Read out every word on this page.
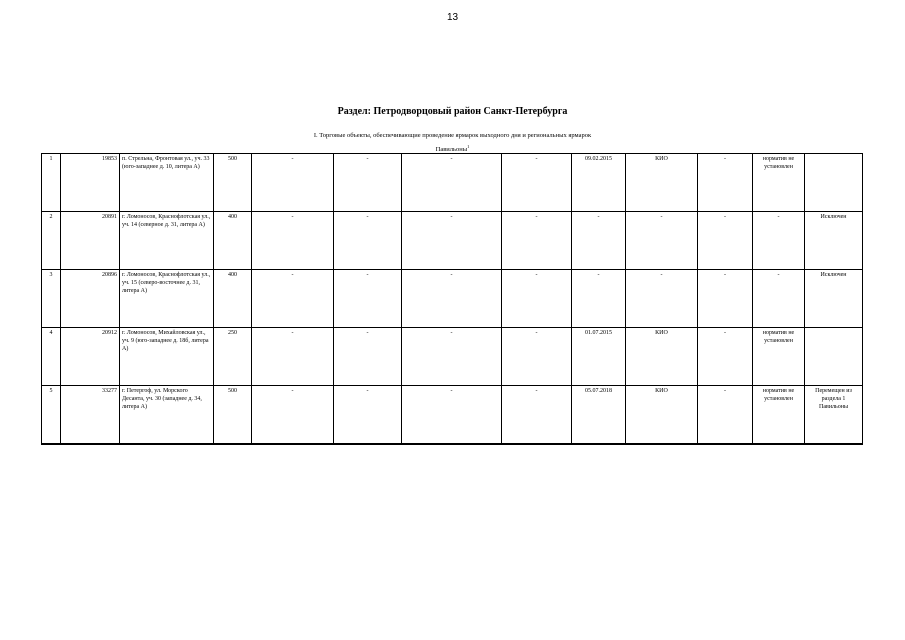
13
Раздел: Петродворцовый район Санкт-Петербурга
I. Торговые объекты, обеспечивающие проведение ярмарок выходного дня и региональных ярмарок
Павильоны$^1$
1	19853	п. Стрельна, Фронтовая ул., уч. 33 (юго-западнее д. 10, литера А)	500	-	-	-	-	09.02.2015	КИО	-	норматив не установлен	
2	20891	г. Ломоносов, Краснофлотская ул., уч. 14 (северное д. 31, литера А)	400	-	-	-	-	-	-	-	-	Исключен
3	20896	г. Ломоносов, Краснофлотская ул., уч. 15 (северо-восточнее д. 31, литера А)	400	-	-	-	-	-	-	-	-	Исключен
4	20912	г. Ломоносов, Михайловская ул., уч. 9 (юго-западнее д. 18б, литера А)	250	-	-	-	-	01.07.2015	КИО	-	норматив не установлен	
5	33277	г. Петергоф, ул. Морского Десанта, уч. 30 (западнее д. 34, литера А)	500	-	-	-	-	05.07.2018	КИО	-	норматив не установлен	Перемещен из раздела 1 Павильоны
